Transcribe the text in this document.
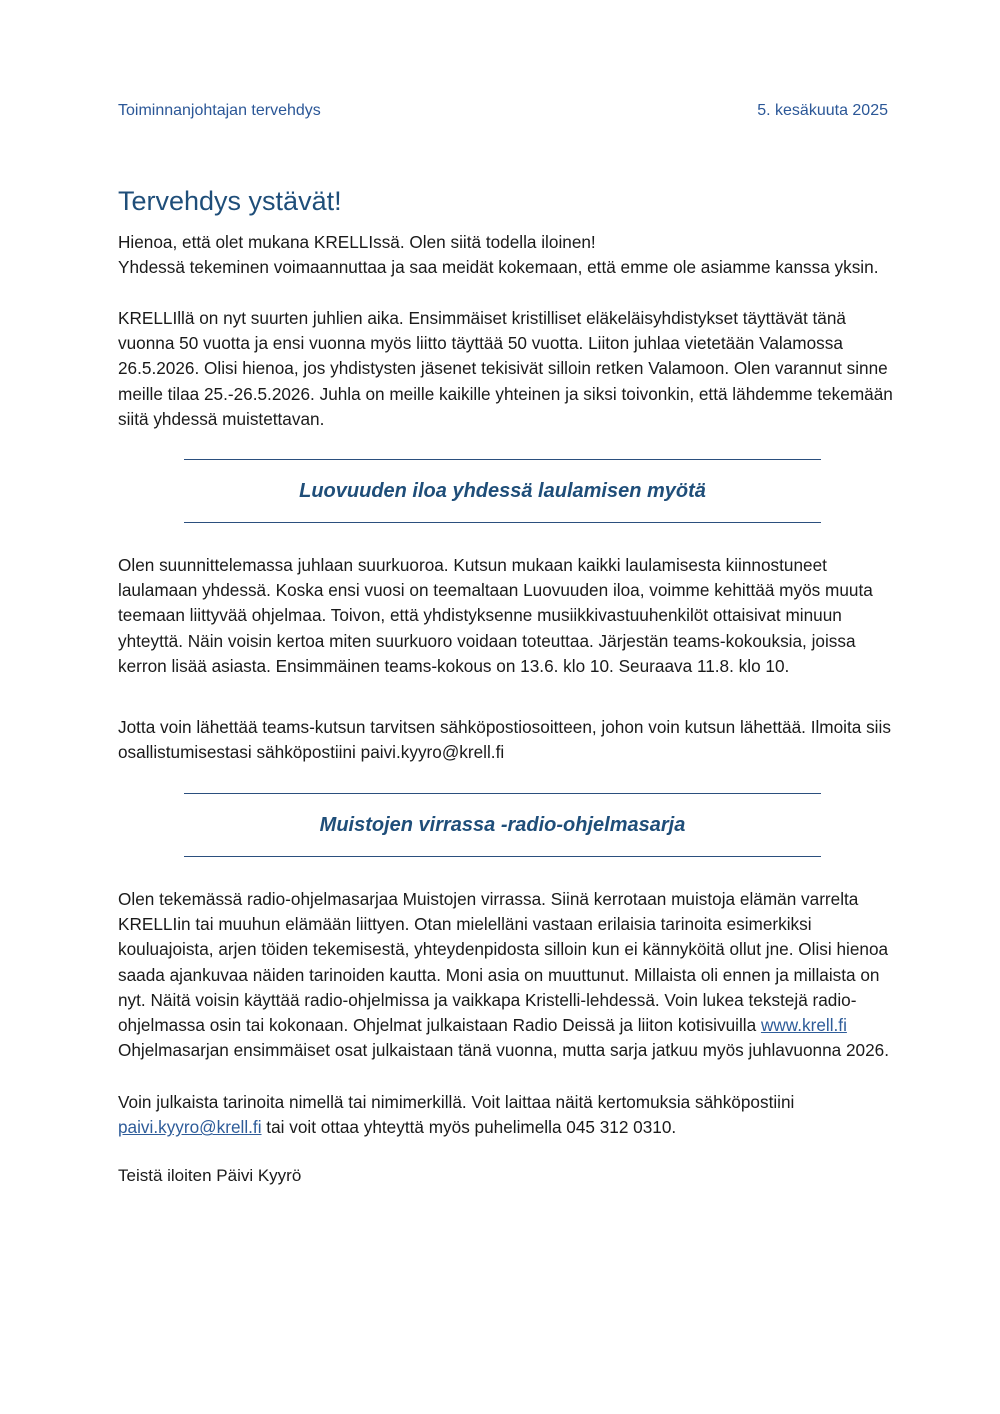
Toiminnanjohtajan tervehdys	5. kesäkuuta 2025
Tervehdys ystävät!

Hienoa, että olet mukana KRELLIssä. Olen siitä todella iloinen!

Yhdessä tekeminen voimaannuttaa ja saa meidät kokemaan, että emme ole asiamme kanssa yksin.

KRELLIllä on nyt suurten juhlien aika. Ensimmäiset kristilliset eläkeläisyhdistykset täyttävät tänä vuonna 50 vuotta ja ensi vuonna myös liitto täyttää 50 vuotta. Liiton juhlaa vietetään Valamossa 26.5.2026. Olisi hienoa, jos yhdistysten jäsenet tekisivät silloin retken Valamoon. Olen varannut sinne meille tilaa 25.-26.5.2026. Juhla on meille kaikille yhteinen ja siksi toivonkin, että lähdemme tekemään siitä yhdessä muistettavan.

Luovuuden iloa yhdessä laulamisen myötä

Olen suunnittelemassa juhlaan suurkuoroa. Kutsun mukaan kaikki laulamisesta kiinnostuneet laulamaan yhdessä. Koska ensi vuosi on teemaltaan Luovuuden iloa, voimme kehittää myös muuta teemaan liittyvää ohjelmaa. Toivon, että yhdistyksenne musiikkivastuuhenkilöt ottaisivat minuun yhteyttä. Näin voisin kertoa miten suurkuoro voidaan toteuttaa. Järjestän teams-kokouksia, joissa kerron lisää asiasta. Ensimmäinen teams-kokous on 13.6. klo 10. Seuraava 11.8. klo 10.

Jotta voin lähettää teams-kutsun tarvitsen sähköpostiosoitteen, johon voin kutsun lähettää. Ilmoita siis osallistumisestasi sähköpostiini paivi.kyyro@krell.fi

Muistojen virrassa -radio-ohjelmasarja

Olen tekemässä radio-ohjelmasarjaa Muistojen virrassa. Siinä kerrotaan muistoja elämän varrelta KRELLIin tai muuhun elämään liittyen. Otan mielelläni vastaan erilaisia tarinoita esimerkiksi kouluajoista, arjen töiden tekemisestä, yhteydenpidosta silloin kun ei kännyköitä ollut jne. Olisi hienoa saada ajankuvaa näiden tarinoiden kautta. Moni asia on muuttunut. Millaista oli ennen ja millaista on nyt. Näitä voisin käyttää radio-ohjelmissa ja vaikkapa Kristelli-lehdessä. Voin lukea tekstejä radio-ohjelmassa osin tai kokonaan. Ohjelmat julkaistaan Radio Deissä ja liiton kotisivuilla www.krell.fi Ohjelmasarjan ensimmäiset osat julkaistaan tänä vuonna, mutta sarja jatkuu myös juhlavuonna 2026.

Voin julkaista tarinoita nimellä tai nimimerkillä. Voit laittaa näitä kertomuksia sähköpostiini paivi.kyyro@krell.fi tai voit ottaa yhteyttä myös puhelimella 045 312 0310.

Teistä iloiten Päivi Kyyrö
